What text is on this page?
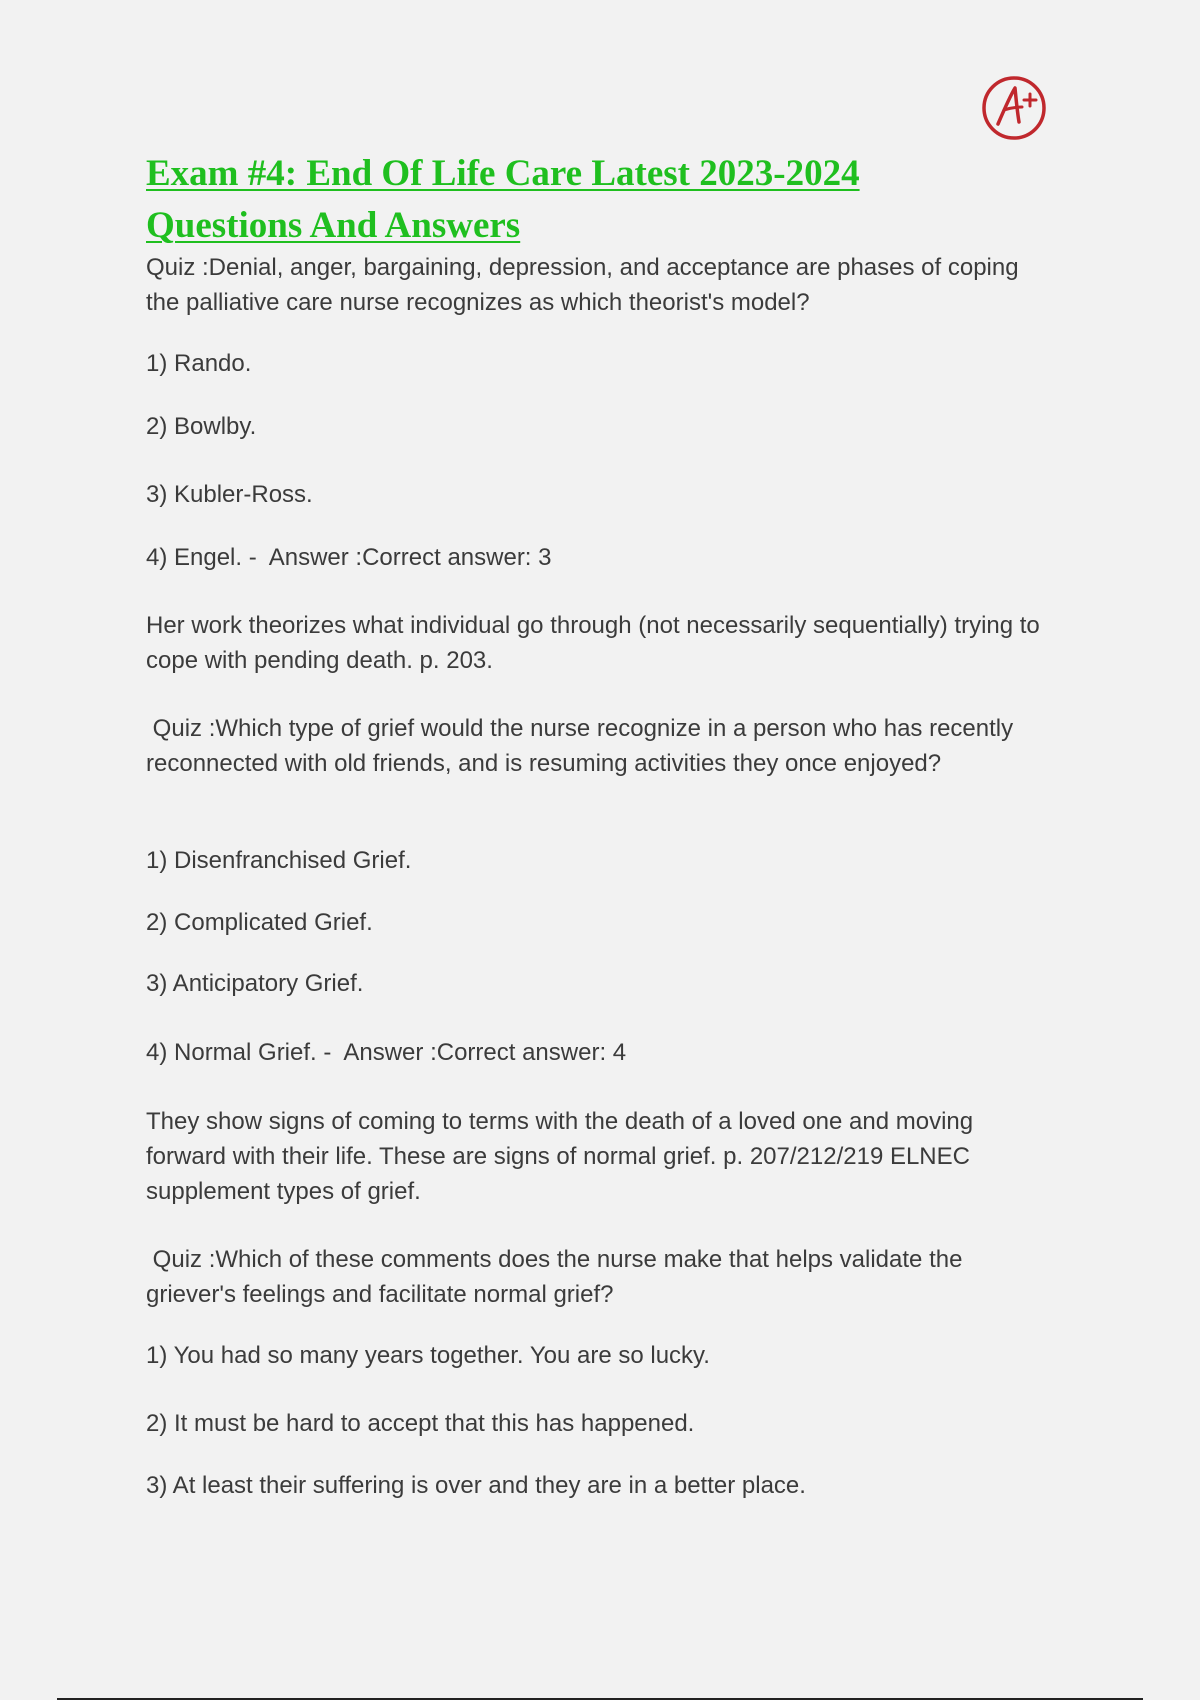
Exam #4: End Of Life Care Latest 2023-2024
Questions And Answers

Quiz :Denial, anger, bargaining, depression, and acceptance are phases of coping the palliative care nurse recognizes as which theorist's model?

1) Rando.

2) Bowlby.

3) Kubler-Ross.

4) Engel. -  Answer :Correct answer: 3

Her work theorizes what individual go through (not necessarily sequentially) trying to cope with pending death. p. 203.

Quiz :Which type of grief would the nurse recognize in a person who has recently reconnected with old friends, and is resuming activities they once enjoyed?

1) Disenfranchised Grief.

2) Complicated Grief.

3) Anticipatory Grief.

4) Normal Grief. -  Answer :Correct answer: 4

They show signs of coming to terms with the death of a loved one and moving forward with their life. These are signs of normal grief. p. 207/212/219 ELNEC supplement types of grief.

Quiz :Which of these comments does the nurse make that helps validate the griever's feelings and facilitate normal grief?

1) You had so many years together. You are so lucky.

2) It must be hard to accept that this has happened.

3) At least their suffering is over and they are in a better place.
